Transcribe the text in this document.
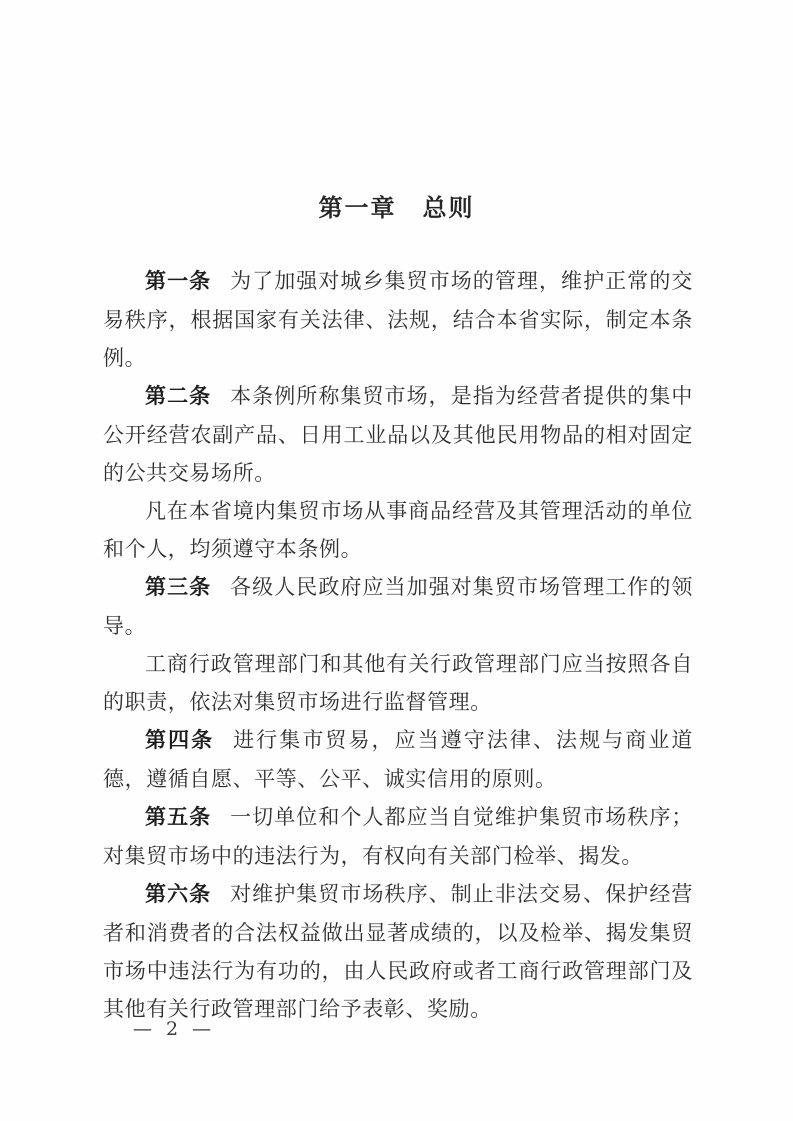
第一章　总则

第一条 为了加强对城乡集贸市场的管理，维护正常的交易秩序，根据国家有关法律、法规，结合本省实际，制定本条例。

第二条 本条例所称集贸市场，是指为经营者提供的集中公开经营农副产品、日用工业品以及其他民用物品的相对固定的公共交易场所。

凡在本省境内集贸市场从事商品经营及其管理活动的单位和个人，均须遵守本条例。

第三条 各级人民政府应当加强对集贸市场管理工作的领导。

工商行政管理部门和其他有关行政管理部门应当按照各自的职责，依法对集贸市场进行监督管理。

第四条 进行集市贸易，应当遵守法律、法规与商业道德，遵循自愿、平等、公平、诚实信用的原则。

第五条 一切单位和个人都应当自觉维护集贸市场秩序；对集贸市场中的违法行为，有权向有关部门检举、揭发。

第六条 对维护集贸市场秩序、制止非法交易、保护经营者和消费者的合法权益做出显著成绩的，以及检举、揭发集贸市场中违法行为有功的，由人民政府或者工商行政管理部门及其他有关行政管理部门给予表彰、奖励。

— 2 —
